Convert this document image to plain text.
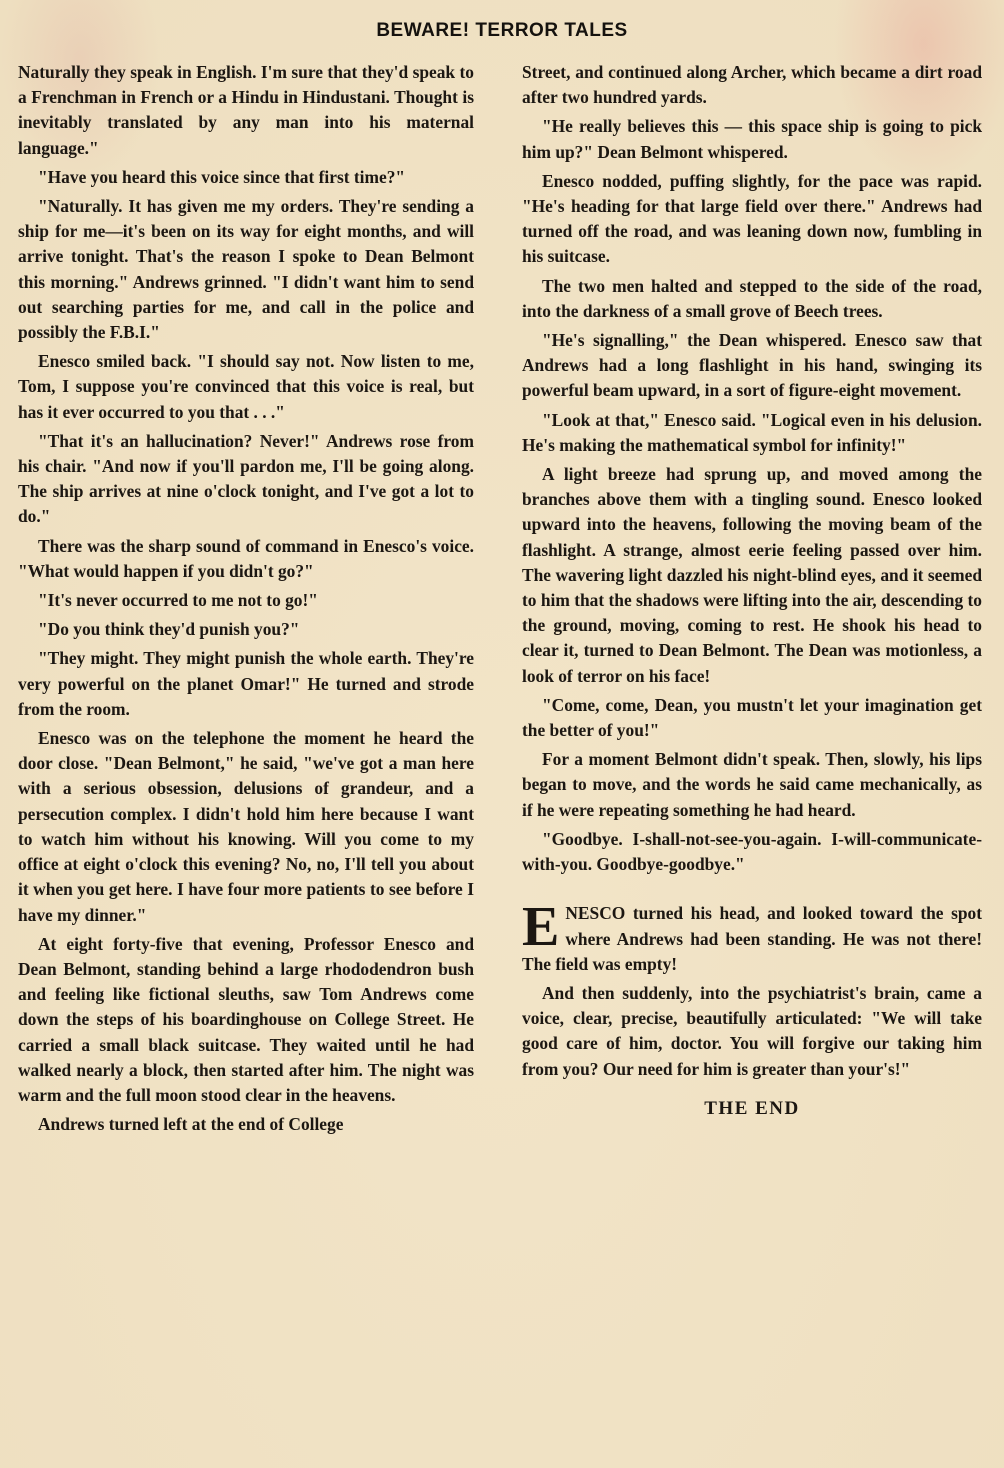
BEWARE! TERROR TALES

Naturally they speak in English. I'm sure that they'd speak to a Frenchman in French or a Hindu in Hindustani. Thought is inevitably translated by any man into his maternal language."

"Have you heard this voice since that first time?"

"Naturally. It has given me my orders. They're sending a ship for me—it's been on its way for eight months, and will arrive tonight. That's the reason I spoke to Dean Belmont this morning." Andrews grinned. "I didn't want him to send out searching parties for me, and call in the police and possibly the F.B.I."

Enesco smiled back. "I should say not. Now listen to me, Tom, I suppose you're convinced that this voice is real, but has it ever occurred to you that . . ."

"That it's an hallucination? Never!" Andrews rose from his chair. "And now if you'll pardon me, I'll be going along. The ship arrives at nine o'clock tonight, and I've got a lot to do."

There was the sharp sound of command in Enesco's voice. "What would happen if you didn't go?"

"It's never occurred to me not to go!"

"Do you think they'd punish you?"

"They might. They might punish the whole earth. They're very powerful on the planet Omar!" He turned and strode from the room.

Enesco was on the telephone the moment he heard the door close. "Dean Belmont," he said, "we've got a man here with a serious obsession, delusions of grandeur, and a persecution complex. I didn't hold him here because I want to watch him without his knowing. Will you come to my office at eight o'clock this evening? No, no, I'll tell you about it when you get here. I have four more patients to see before I have my dinner."

At eight forty-five that evening, Professor Enesco and Dean Belmont, standing behind a large rhododendron bush and feeling like fictional sleuths, saw Tom Andrews come down the steps of his boardinghouse on College Street. He carried a small black suitcase. They waited until he had walked nearly a block, then started after him. The night was warm and the full moon stood clear in the heavens.

Andrews turned left at the end of College

Street, and continued along Archer, which became a dirt road after two hundred yards.

"He really believes this — this space ship is going to pick him up?" Dean Belmont whispered.

Enesco nodded, puffing slightly, for the pace was rapid. "He's heading for that large field over there." Andrews had turned off the road, and was leaning down now, fumbling in his suitcase.

The two men halted and stepped to the side of the road, into the darkness of a small grove of Beech trees.

"He's signalling," the Dean whispered. Enesco saw that Andrews had a long flashlight in his hand, swinging its powerful beam upward, in a sort of figure-eight movement.

"Look at that," Enesco said. "Logical even in his delusion. He's making the mathematical symbol for infinity!"

A light breeze had sprung up, and moved among the branches above them with a tingling sound. Enesco looked upward into the heavens, following the moving beam of the flashlight. A strange, almost eerie feeling passed over him. The wavering light dazzled his night-blind eyes, and it seemed to him that the shadows were lifting into the air, descending to the ground, moving, coming to rest. He shook his head to clear it, turned to Dean Belmont. The Dean was motionless, a look of terror on his face!

"Come, come, Dean, you mustn't let your imagination get the better of you!"

For a moment Belmont didn't speak. Then, slowly, his lips began to move, and the words he said came mechanically, as if he were repeating something he had heard.

"Goodbye. I-shall-not-see-you-again. I-will-communicate-with-you. Goodbye-goodbye."

ENESCO turned his head, and looked toward the spot where Andrews had been standing. He was not there! The field was empty!

And then suddenly, into the psychiatrist's brain, came a voice, clear, precise, beautifully articulated: "We will take good care of him, doctor. You will forgive our taking him from you? Our need for him is greater than your's!"

THE END
